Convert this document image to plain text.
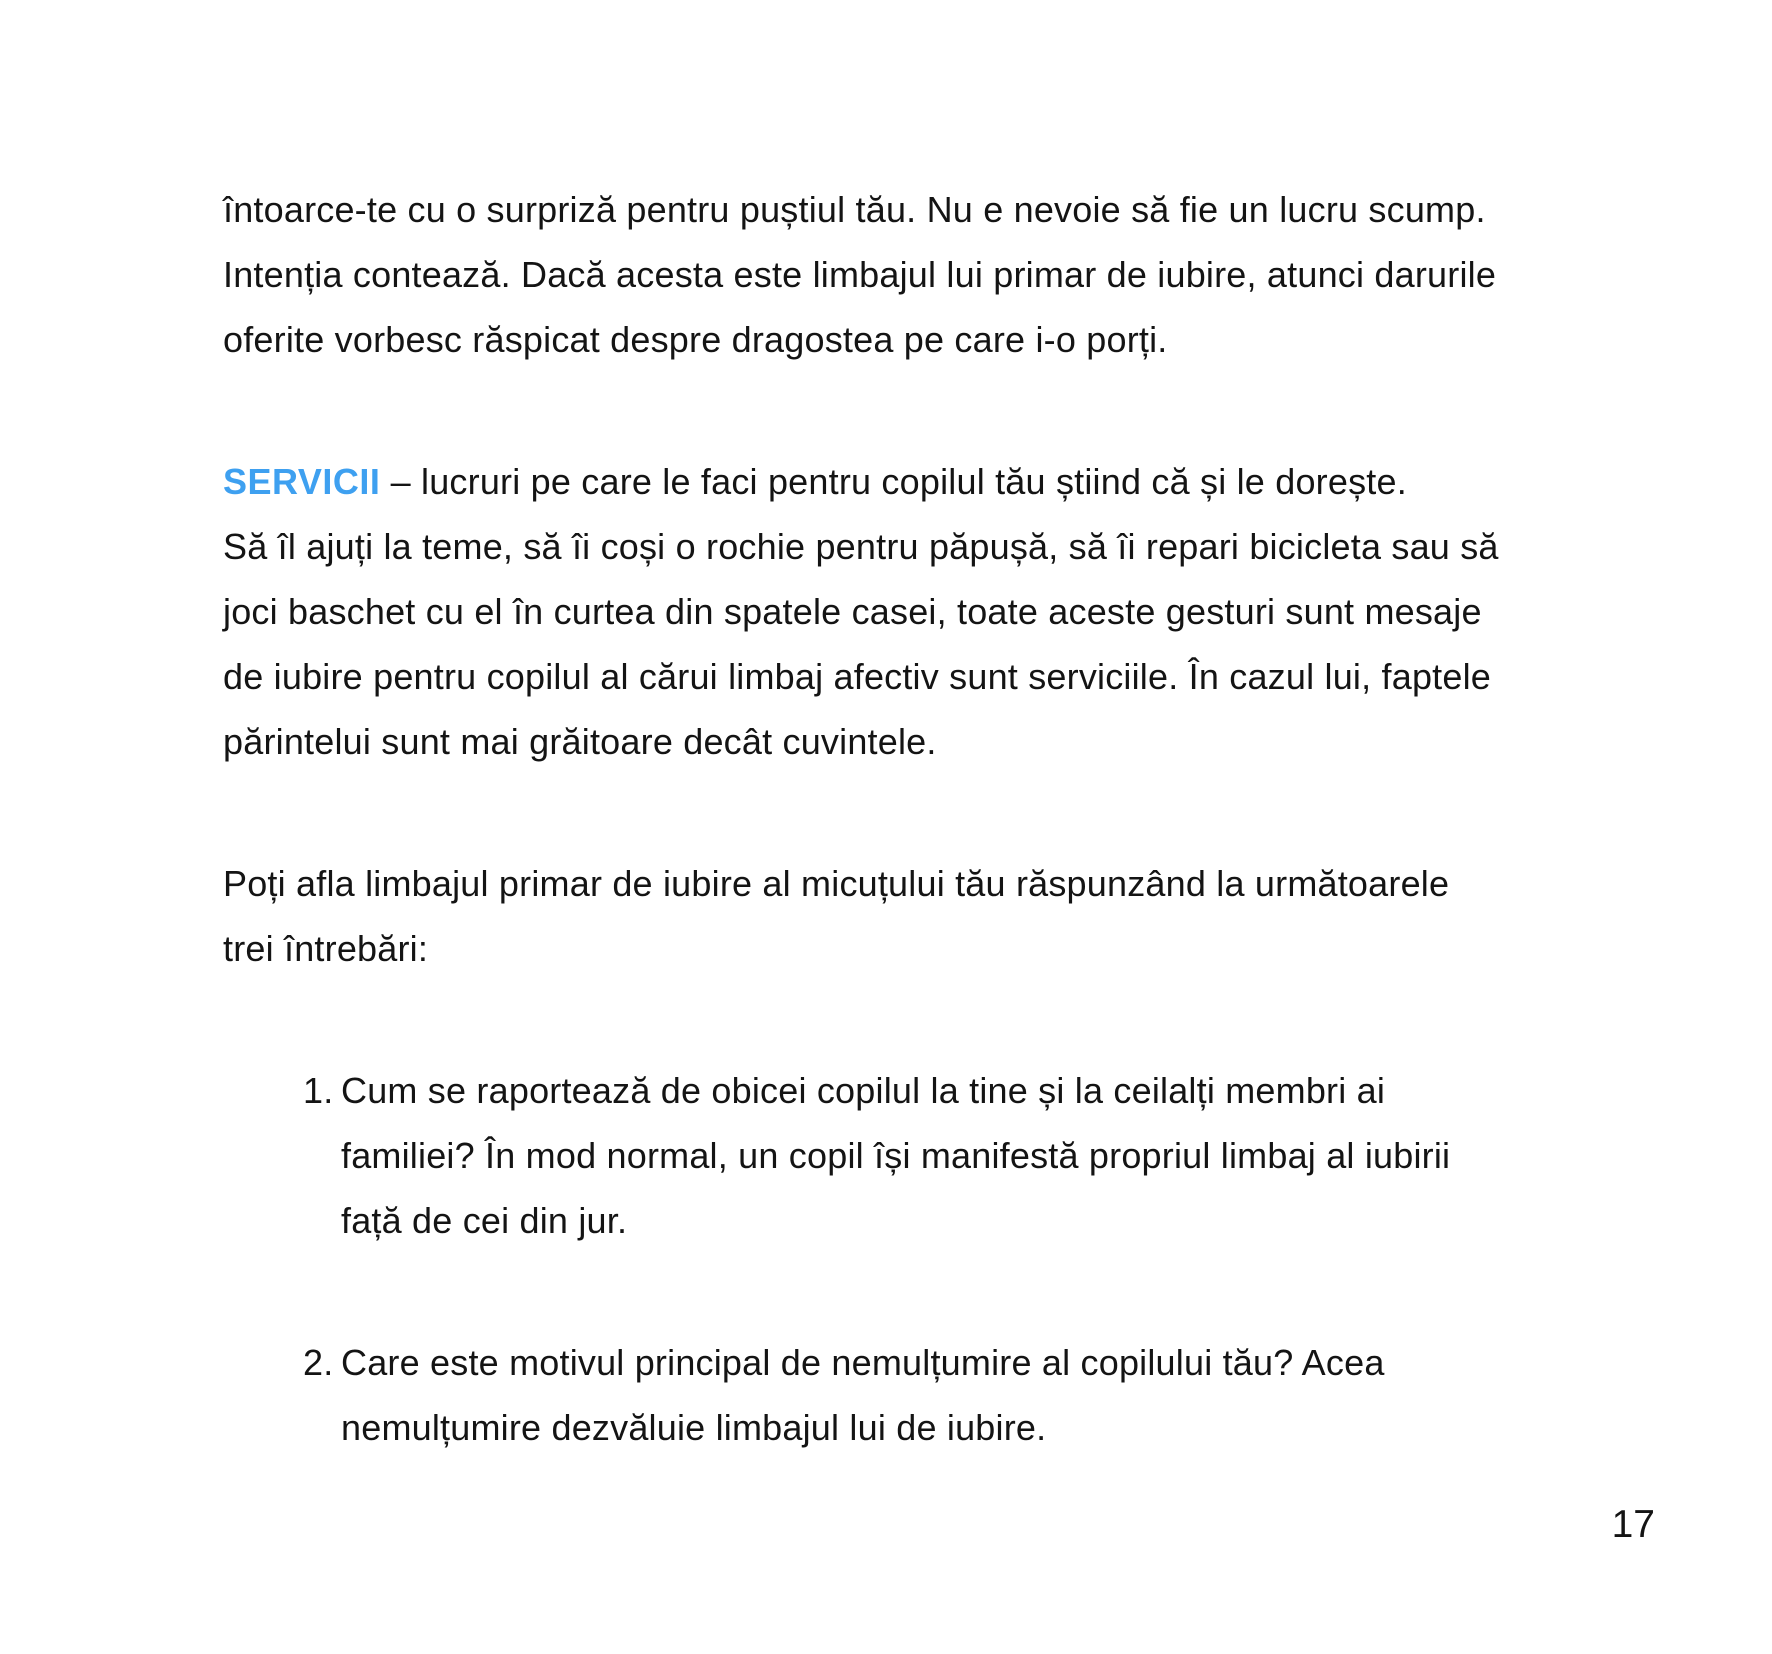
întoarce-te cu o surpriză pentru puștiul tău. Nu e nevoie să fie un lucru scump.
Intenția contează. Dacă acesta este limbajul lui primar de iubire, atunci darurile
oferite vorbesc răspicat despre dragostea pe care i-o porți.
SERVICII – lucruri pe care le faci pentru copilul tău știind că și le dorește.
Să îl ajuți la teme, să îi coși o rochie pentru păpușă, să îi repari bicicleta sau să
joci baschet cu el în curtea din spatele casei, toate aceste gesturi sunt mesaje
de iubire pentru copilul al cărui limbaj afectiv sunt serviciile. În cazul lui, faptele
părintelui sunt mai grăitoare decât cuvintele.
Poți afla limbajul primar de iubire al micuțului tău răspunzând la următoarele
trei întrebări:
1. Cum se raportează de obicei copilul la tine și la ceilalți membri ai
familiei? În mod normal, un copil își manifestă propriul limbaj al iubirii
față de cei din jur.
2. Care este motivul principal de nemulțumire al copilului tău? Acea
nemulțumire dezvăluie limbajul lui de iubire.
17
